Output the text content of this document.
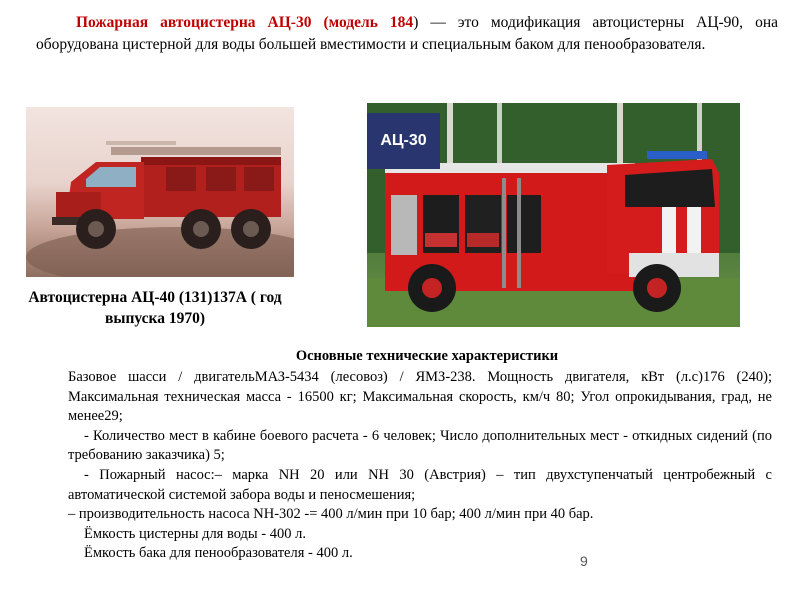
Пожарная автоцистерна АЦ-30 (модель 184) — это модификация автоцистерны АЦ-90, она оборудована цистерной для воды большей вместимости и специальным баком для пенообразователя.
Автоцистерна АЦ-40 (131)137А ( год выпуска 1970)
АЦ-30
Основные технические характеристики

Базовое шасси / двигательМАЗ-5434 (лесовоз) / ЯМЗ-238. Мощность двигателя, кВт (л.с)176 (240); Максимальная техническая масса - 16500 кг; Максимальная скорость, км/ч 80; Угол опрокидывания, град, не менее29;

- Количество мест в кабине боевого расчета - 6 человек; Число дополнительных мест - откидных сидений (по требованию заказчика) 5;

- Пожарный насос:– марка NH 20 или NH 30 (Австрия) – тип двухступенчатый центробежный с автоматической системой забора воды и пеносмешения;

– производительность насоса NH-302 -= 400 л/мин при 10 бар; 400 л/мин при 40 бар.

Ёмкость цистерны для воды - 400 л.

Ёмкость бака для пенообразователя - 400 л.	9
